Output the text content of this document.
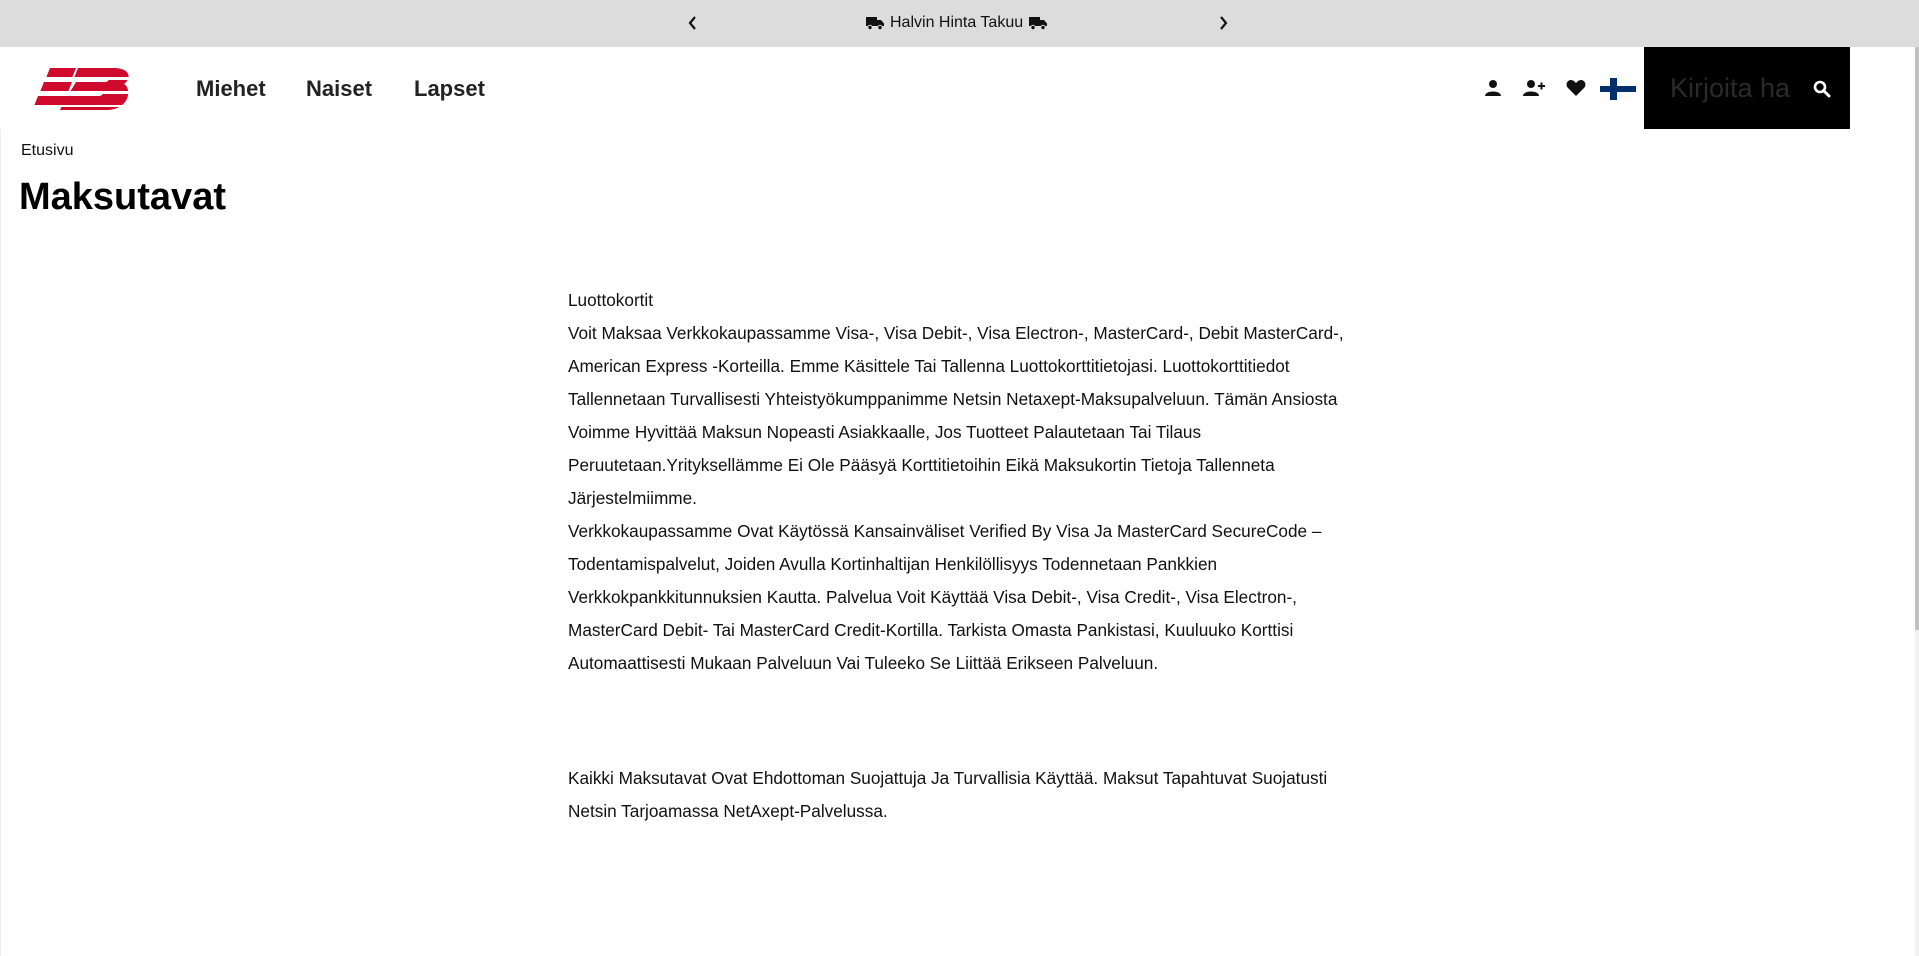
Halvin Hinta Takuu
Miehet Naiset Lapset
Kirjoita hakusana
Etusivu
Maksutavat

Luottokortit

Voit Maksaa Verkkokaupassamme Visa-, Visa Debit-, Visa Electron-, MasterCard-, Debit MasterCard-, American Express -Korteilla. Emme Käsittele Tai Tallenna Luottokorttitietojasi. Luottokorttitiedot Tallennetaan Turvallisesti Yhteistyökumppanimme Netsin Netaxept-Maksupalveluun. Tämän Ansiosta Voimme Hyvittää Maksun Nopeasti Asiakkaalle, Jos Tuotteet Palautetaan Tai Tilaus Peruutetaan.Yrityksellämme Ei Ole Pääsyä Korttitietoihin Eikä Maksukortin Tietoja Tallenneta Järjestelmiimme.

Verkkokaupassamme Ovat Käytössä Kansainväliset Verified By Visa Ja MasterCard SecureCode –Todentamispalvelut, Joiden Avulla Kortinhaltijan Henkilöllisyys Todennetaan Pankkien Verkkokpankkitunnuksien Kautta. Palvelua Voit Käyttää Visa Debit-, Visa Credit-, Visa Electron-, MasterCard Debit- Tai MasterCard Credit-Kortilla. Tarkista Omasta Pankistasi, Kuuluuko Korttisi Automaattisesti Mukaan Palveluun Vai Tuleeko Se Liittää Erikseen Palveluun.

Kaikki Maksutavat Ovat Ehdottoman Suojattuja Ja Turvallisia Käyttää. Maksut Tapahtuvat Suojatusti Netsin Tarjoamassa NetAxept-Palvelussa.
